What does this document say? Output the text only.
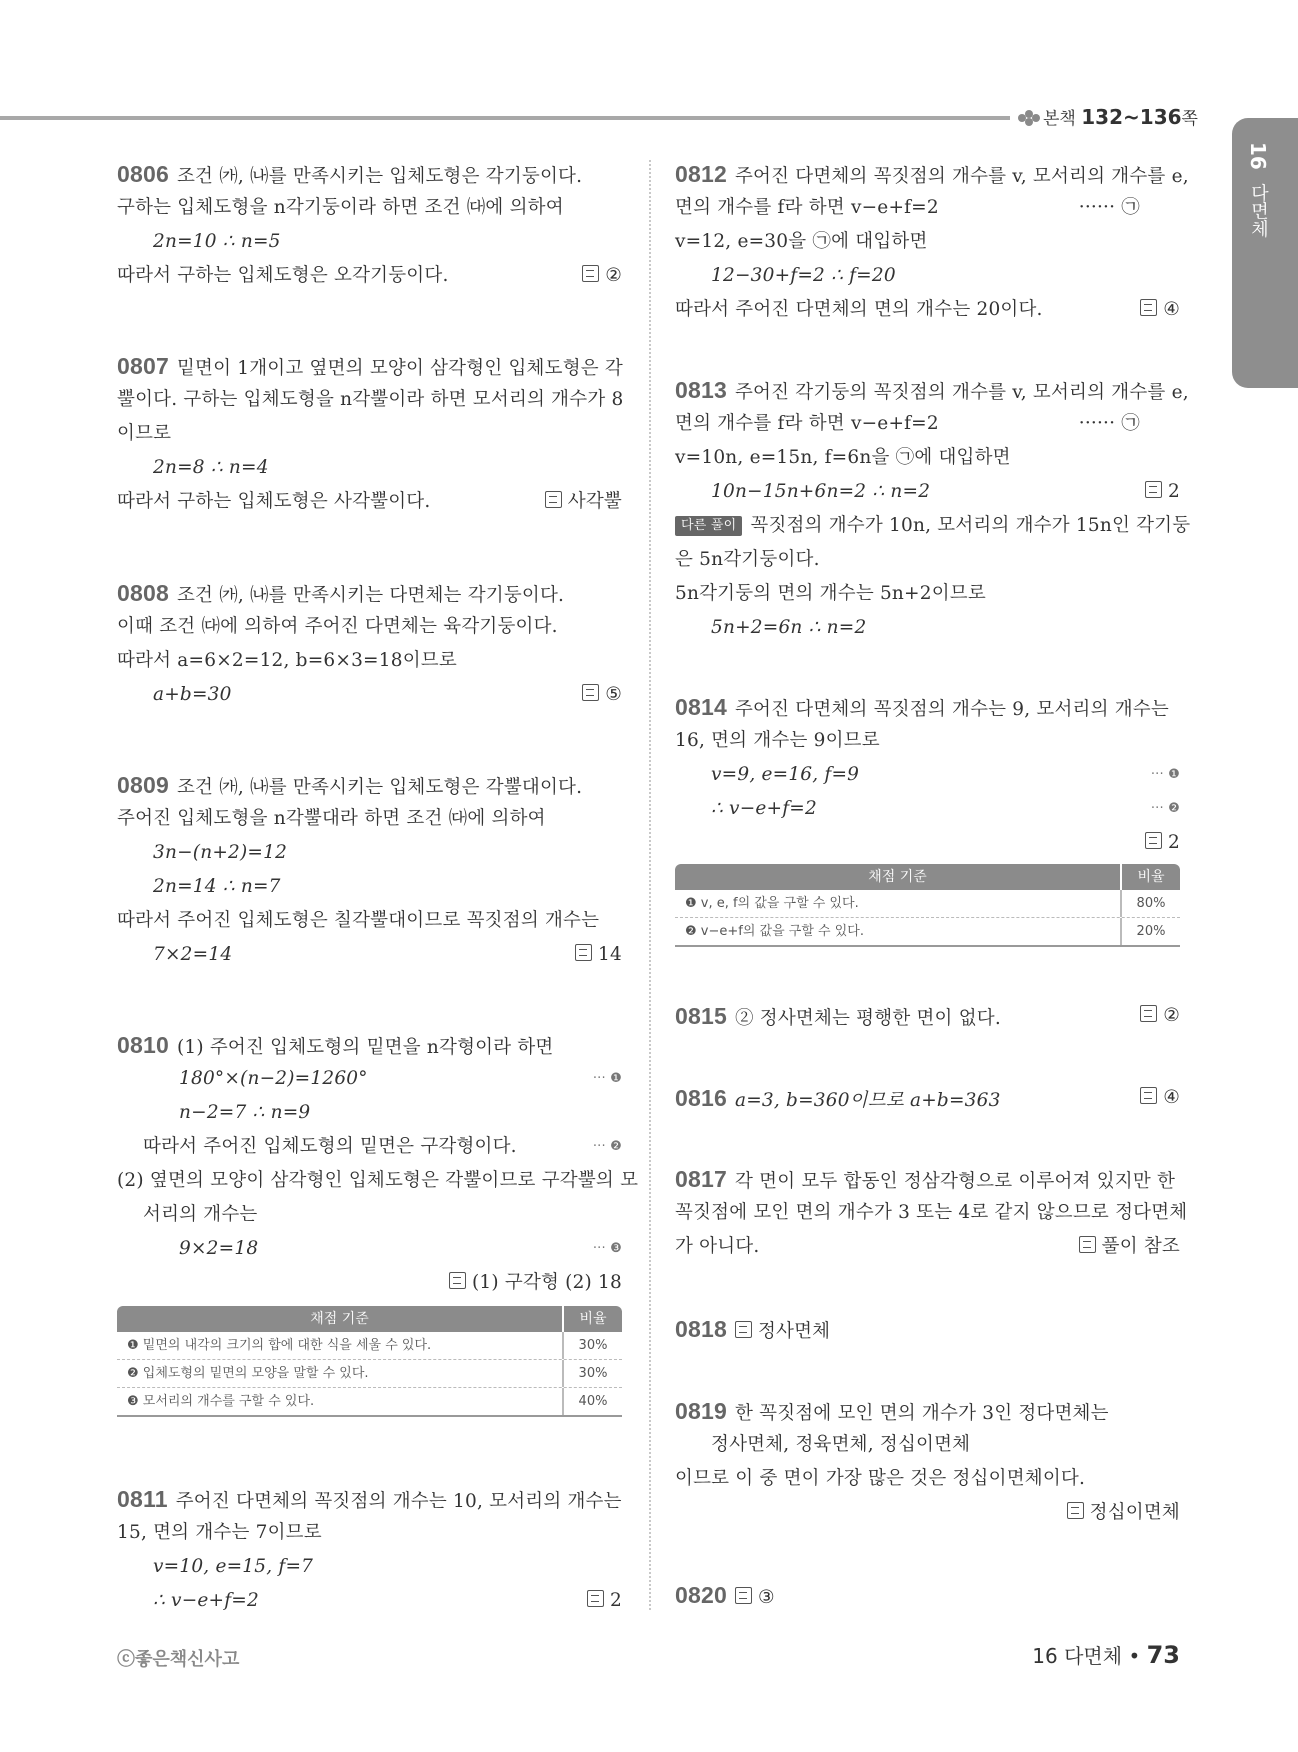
본책 132~136쪽
16 다면체
0806 조건 ㈎, ㈏를 만족시키는 입체도형은 각기둥이다.
구하는 입체도형을 n각기둥이라 하면 조건 ㈐에 의하여
2n=10 ∴ n=5
따라서 구하는 입체도형은 오각기둥이다.	②
0807 밑면이 1개이고 옆면의 모양이 삼각형인 입체도형은 각
뿔이다. 구하는 입체도형을 n각뿔이라 하면 모서리의 개수가 8
이므로
2n=8 ∴ n=4
따라서 구하는 입체도형은 사각뿔이다.	사각뿔
0808 조건 ㈎, ㈏를 만족시키는 다면체는 각기둥이다.
이때 조건 ㈐에 의하여 주어진 다면체는 육각기둥이다.
따라서 a=6×2=12, b=6×3=18이므로
a+b=30	⑤
0809 조건 ㈎, ㈏를 만족시키는 입체도형은 각뿔대이다.
주어진 입체도형을 n각뿔대라 하면 조건 ㈐에 의하여
3n−(n+2)=12
2n=14 ∴ n=7
따라서 주어진 입체도형은 칠각뿔대이므로 꼭짓점의 개수는
7×2=14	14
0810 (1) 주어진 입체도형의 밑면을 n각형이라 하면
180°×(n−2)=1260°	··· ❶
n−2=7 ∴ n=9
따라서 주어진 입체도형의 밑면은 구각형이다.	··· ❷
(2) 옆면의 모양이 삼각형인 입체도형은 각뿔이므로 구각뿔의 모
서리의 개수는
9×2=18	··· ❸
(1) 구각형 (2) 18
채점 기준	비율
❶ 밑면의 내각의 크기의 합에 대한 식을 세울 수 있다.	30%
❷ 입체도형의 밑면의 모양을 말할 수 있다.	30%
❸ 모서리의 개수를 구할 수 있다.	40%
0811 주어진 다면체의 꼭짓점의 개수는 10, 모서리의 개수는
15, 면의 개수는 7이므로
v=10, e=15, f=7
∴ v−e+f=2	2
0812 주어진 다면체의 꼭짓점의 개수를 v, 모서리의 개수를 e,
면의 개수를 f라 하면 v−e+f=2	······ ㉠
v=12, e=30을 ㉠에 대입하면
12−30+f=2 ∴ f=20
따라서 주어진 다면체의 면의 개수는 20이다.	④
0813 주어진 각기둥의 꼭짓점의 개수를 v, 모서리의 개수를 e,
면의 개수를 f라 하면 v−e+f=2	······ ㉠
v=10n, e=15n, f=6n을 ㉠에 대입하면
10n−15n+6n=2 ∴ n=2	2
다른 풀이 꼭짓점의 개수가 10n, 모서리의 개수가 15n인 각기둥
은 5n각기둥이다.
5n각기둥의 면의 개수는 5n+2이므로
5n+2=6n ∴ n=2
0814 주어진 다면체의 꼭짓점의 개수는 9, 모서리의 개수는
16, 면의 개수는 9이므로
v=9, e=16, f=9	··· ❶
∴ v−e+f=2	··· ❷
2
채점 기준	비율
❶ v, e, f의 값을 구할 수 있다.	80%
❷ v−e+f의 값을 구할 수 있다.	20%
0815 ② 정사면체는 평행한 면이 없다.	②
0816 a=3, b=360이므로 a+b=363	④
0817 각 면이 모두 합동인 정삼각형으로 이루어져 있지만 한
꼭짓점에 모인 면의 개수가 3 또는 4로 같지 않으므로 정다면체
가 아니다.	풀이 참조
0818 정사면체
0819 한 꼭짓점에 모인 면의 개수가 3인 정다면체는
정사면체, 정육면체, 정십이면체
이므로 이 중 면이 가장 많은 것은 정십이면체이다.
정십이면체
0820 ③
ⓒ좋은책신사고	16 다면체 • 73
